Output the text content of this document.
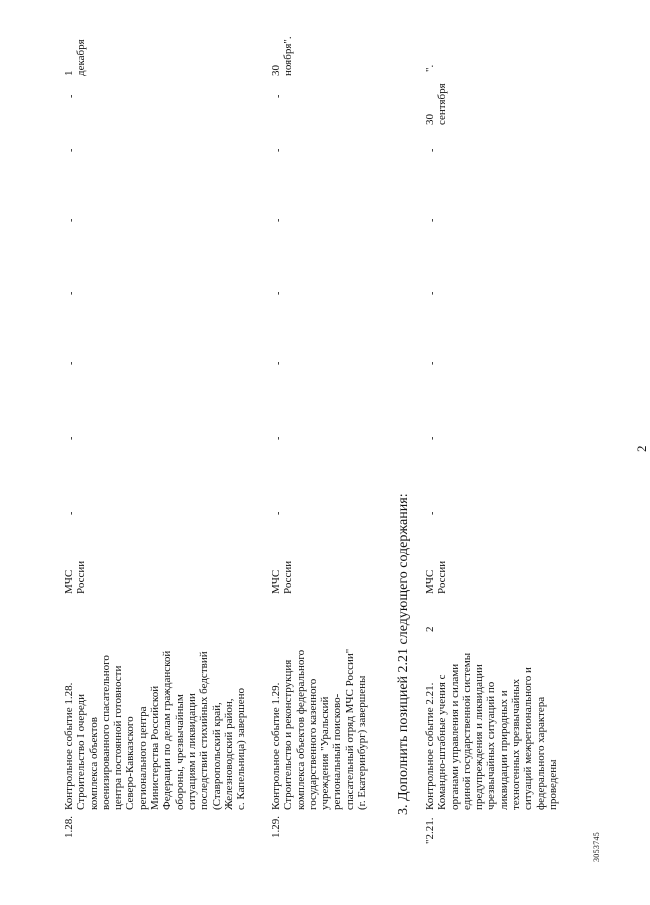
2
1.28.
Контрольное событие 1.28.
Строительство I очереди
комплекса объектов
военизированного спасательного
центра постоянной готовности
Северо-Кавказского
регионального центра
Министерства Российской
Федерации по делам гражданской
обороны, чрезвычайным
ситуациям и ликвидации
последствий стихийных бедствий
(Ставропольский край,
Железноводский район,
с. Капельница) завершено
МЧС
России
1
декабря
1.29.
Контрольное событие 1.29.
Строительство и реконструкция
комплекса объектов федерального
государственного казенного
учреждения "Уральский
региональный поисково-
спасательный отряд МЧС России"
(г. Екатеринбург) завершены
МЧС
России
30
ноября".
3. Дополнить позицией 2.21 следующего содержания:
"2.21.
Контрольное событие 2.21.
Командно-штабные учения с
органами управления и силами
единой государственной системы
предупреждения и ликвидации
чрезвычайных ситуаций по
ликвидации природных и
техногенных чрезвычайных
ситуаций межрегионального и
федерального характера
проведены
2
МЧС
России
30
сентября
".
-
-
-
-
-
-
-
-
-
-
-
-
-
-
-
-
-
-
-
-
3053745
